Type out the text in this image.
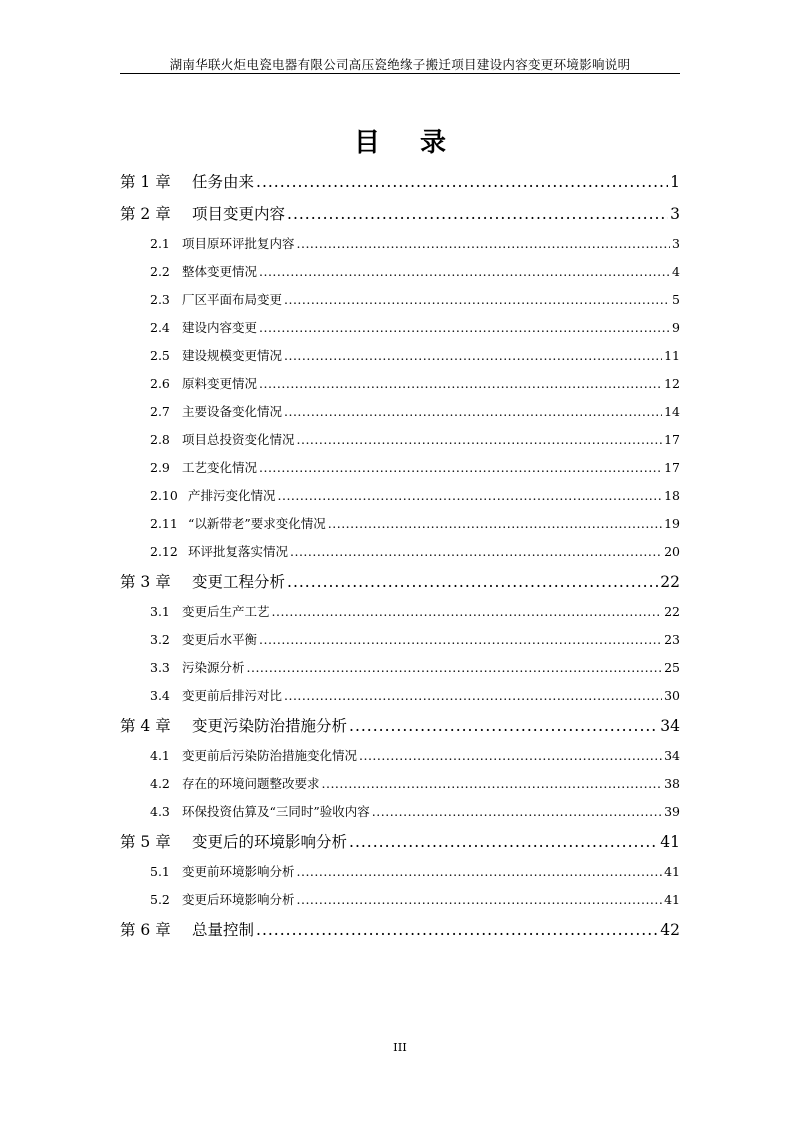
湖南华联火炬电瓷电器有限公司高压瓷绝缘子搬迁项目建设内容变更环境影响说明
目录
第 1 章	任务由来 .....	1
第 2 章	项目变更内容 .....	3
2.1 项目原环评批复内容 .....	3
2.2 整体变更情况 .....	4
2.3 厂区平面布局变更 .....	5
2.4 建设内容变更 .....	9
2.5 建设规模变更情况 .....	11
2.6 原料变更情况 .....	12
2.7 主要设备变化情况 .....	14
2.8 项目总投资变化情况 .....	17
2.9 工艺变化情况 .....	17
2.10 产排污变化情况 .....	18
2.11 “以新带老”要求变化情况 .....	19
2.12 环评批复落实情况 .....	20
第 3 章	变更工程分析 .....	22
3.1 变更后生产工艺 .....	22
3.2 变更后水平衡 .....	23
3.3 污染源分析 .....	25
3.4 变更前后排污对比 .....	30
第 4 章	变更污染防治措施分析 .....	34
4.1 变更前后污染防治措施变化情况 .....	34
4.2 存在的环境问题整改要求 .....	38
4.3 环保投资估算及“三同时”验收内容 .....	39
第 5 章	变更后的环境影响分析 .....	41
5.1 变更前环境影响分析 .....	41
5.2 变更后环境影响分析 .....	41
第 6 章	总量控制 .....	42
III
